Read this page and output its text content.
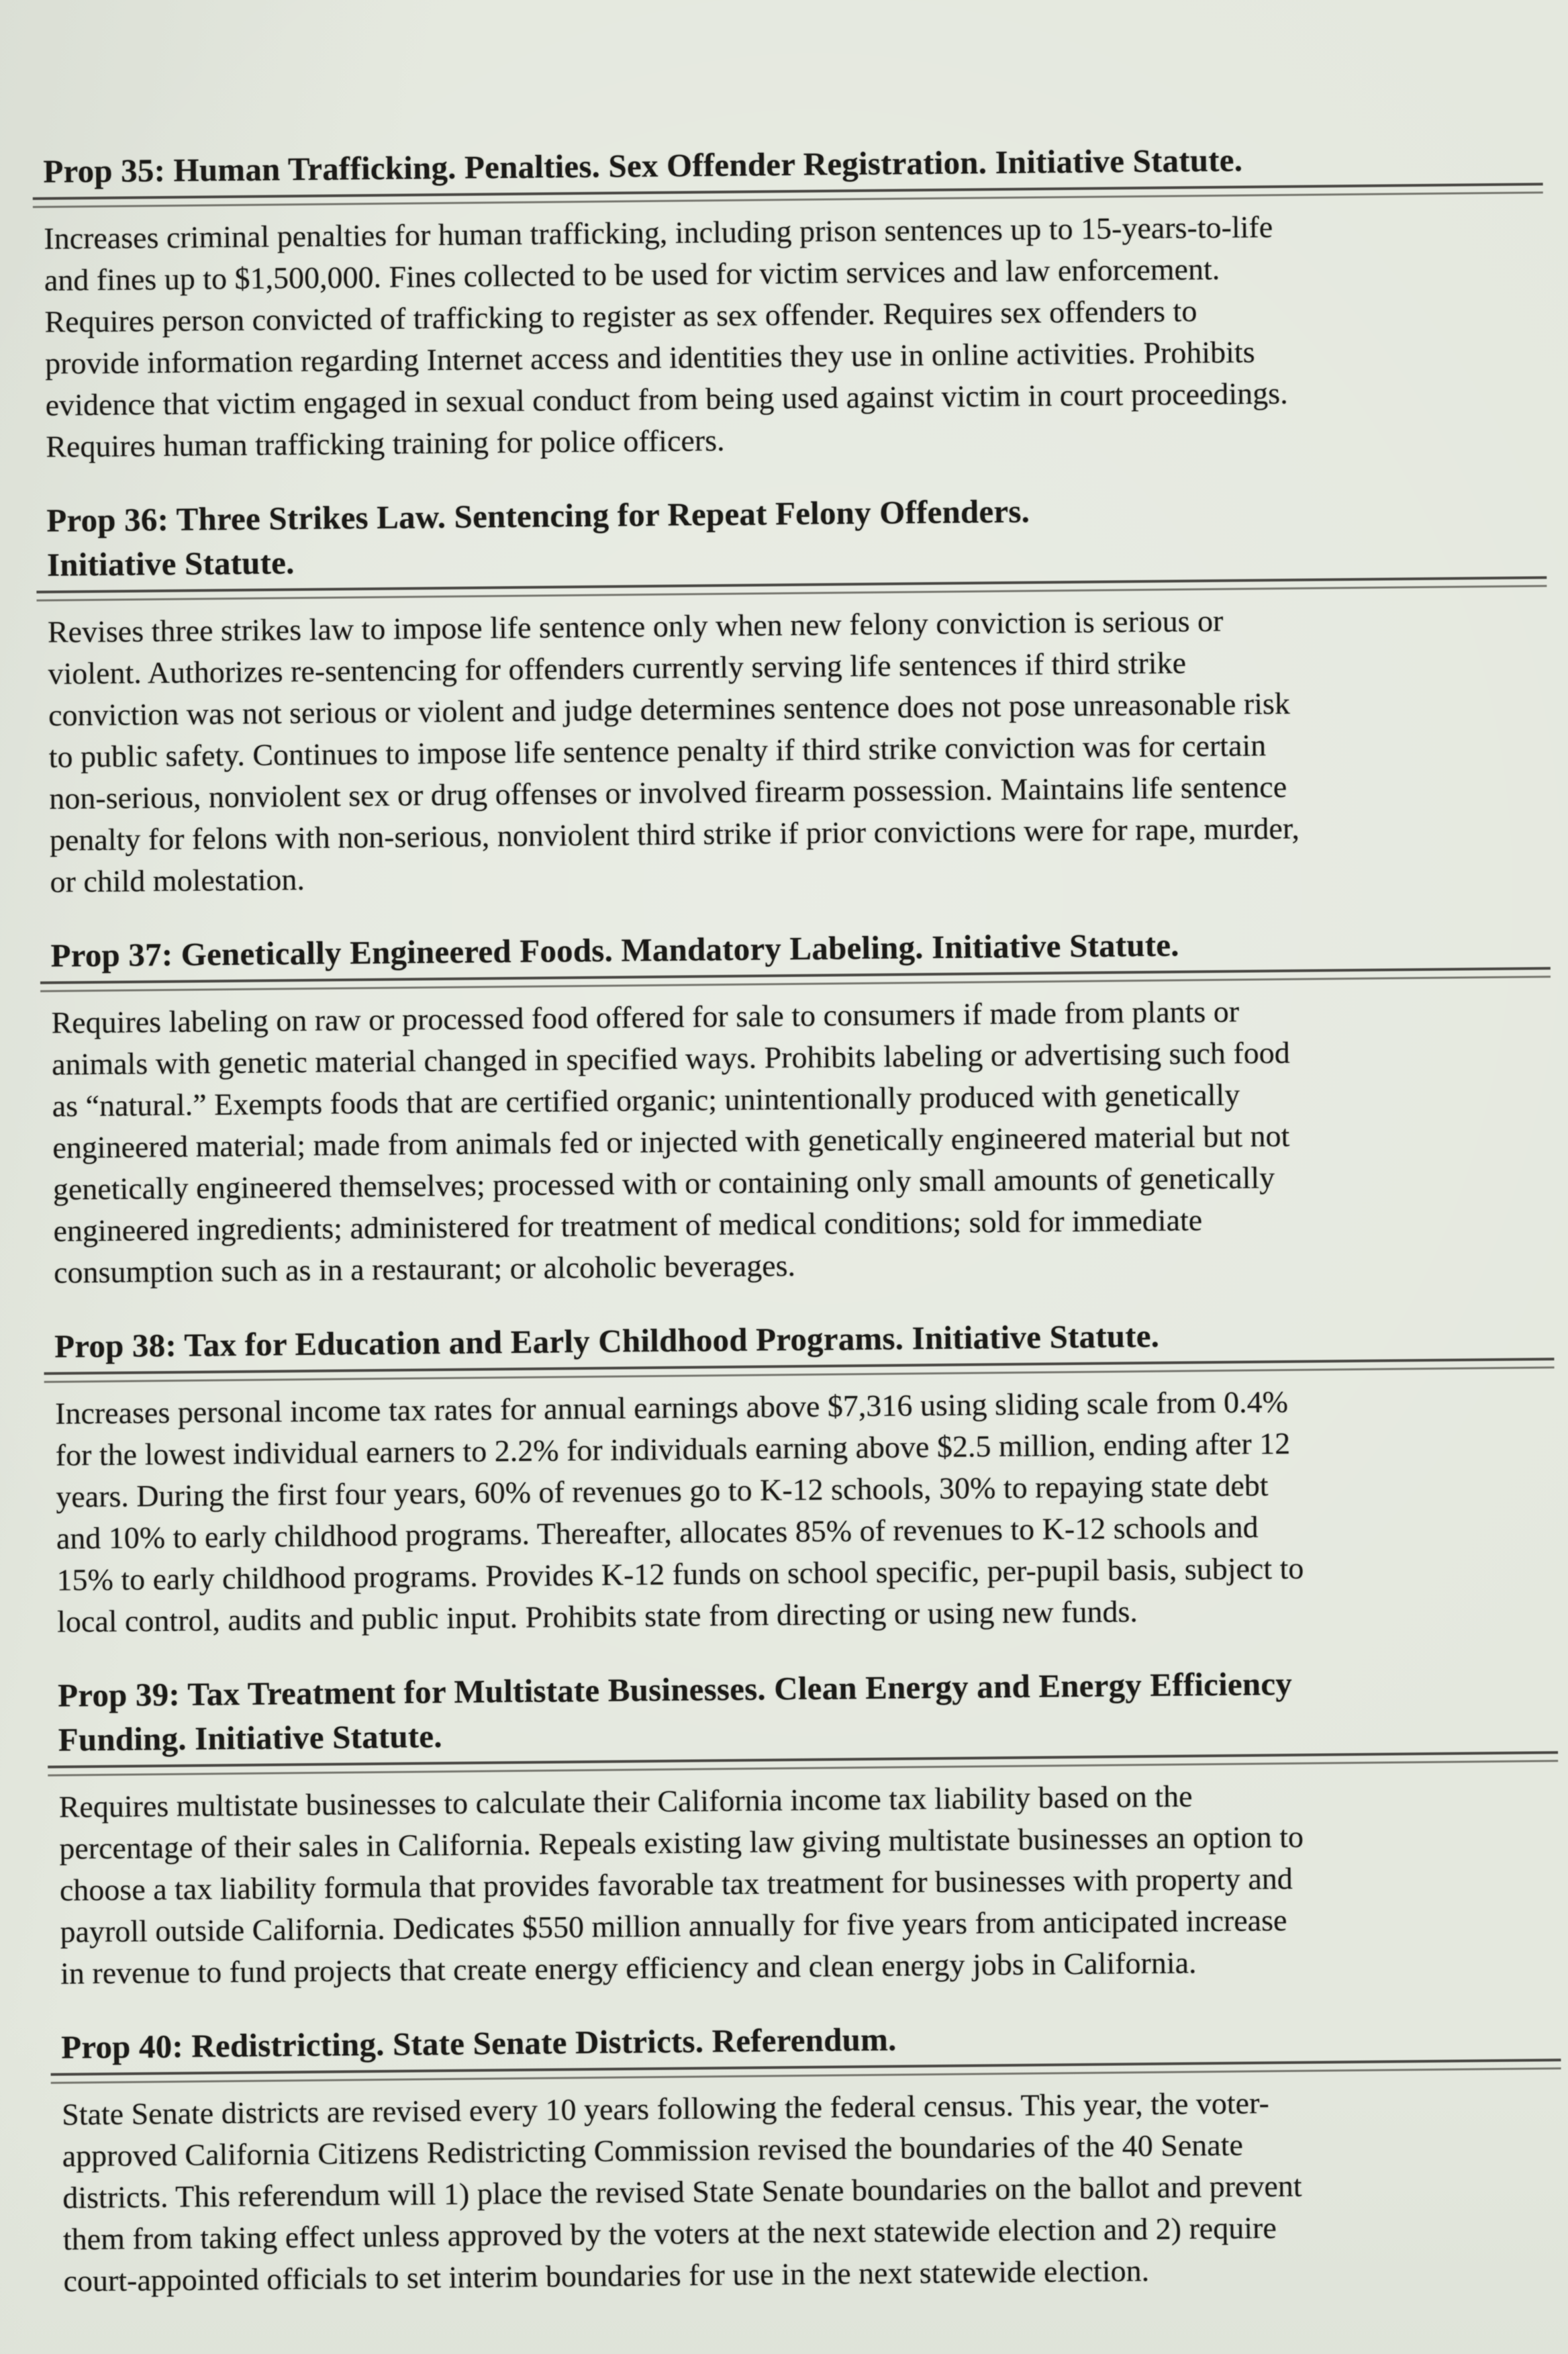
Prop 35: Human Trafficking. Penalties. Sex Offender Registration. Initiative Statute.
Increases criminal penalties for human trafficking, including prison sentences up to 15-years-to-life
and fines up to $1,500,000. Fines collected to be used for victim services and law enforcement.
Requires person convicted of trafficking to register as sex offender. Requires sex offenders to
provide information regarding Internet access and identities they use in online activities. Prohibits
evidence that victim engaged in sexual conduct from being used against victim in court proceedings.
Requires human trafficking training for police officers.
Prop 36: Three Strikes Law. Sentencing for Repeat Felony Offenders.
Initiative Statute.
Revises three strikes law to impose life sentence only when new felony conviction is serious or
violent. Authorizes re-sentencing for offenders currently serving life sentences if third strike
conviction was not serious or violent and judge determines sentence does not pose unreasonable risk
to public safety. Continues to impose life sentence penalty if third strike conviction was for certain
non-serious, nonviolent sex or drug offenses or involved firearm possession. Maintains life sentence
penalty for felons with non-serious, nonviolent third strike if prior convictions were for rape, murder,
or child molestation.
Prop 37: Genetically Engineered Foods. Mandatory Labeling. Initiative Statute.
Requires labeling on raw or processed food offered for sale to consumers if made from plants or
animals with genetic material changed in specified ways. Prohibits labeling or advertising such food
as “natural.” Exempts foods that are certified organic; unintentionally produced with genetically
engineered material; made from animals fed or injected with genetically engineered material but not
genetically engineered themselves; processed with or containing only small amounts of genetically
engineered ingredients; administered for treatment of medical conditions; sold for immediate
consumption such as in a restaurant; or alcoholic beverages.
Prop 38: Tax for Education and Early Childhood Programs. Initiative Statute.
Increases personal income tax rates for annual earnings above $7,316 using sliding scale from 0.4%
for the lowest individual earners to 2.2% for individuals earning above $2.5 million, ending after 12
years. During the first four years, 60% of revenues go to K-12 schools, 30% to repaying state debt
and 10% to early childhood programs. Thereafter, allocates 85% of revenues to K-12 schools and
15% to early childhood programs. Provides K-12 funds on school specific, per-pupil basis, subject to
local control, audits and public input. Prohibits state from directing or using new funds.
Prop 39: Tax Treatment for Multistate Businesses. Clean Energy and Energy Efficiency
Funding. Initiative Statute.
Requires multistate businesses to calculate their California income tax liability based on the
percentage of their sales in California. Repeals existing law giving multistate businesses an option to
choose a tax liability formula that provides favorable tax treatment for businesses with property and
payroll outside California. Dedicates $550 million annually for five years from anticipated increase
in revenue to fund projects that create energy efficiency and clean energy jobs in California.
Prop 40: Redistricting. State Senate Districts. Referendum.
State Senate districts are revised every 10 years following the federal census. This year, the voter-
approved California Citizens Redistricting Commission revised the boundaries of the 40 Senate
districts. This referendum will 1) place the revised State Senate boundaries on the ballot and prevent
them from taking effect unless approved by the voters at the next statewide election and 2) require
court-appointed officials to set interim boundaries for use in the next statewide election.
